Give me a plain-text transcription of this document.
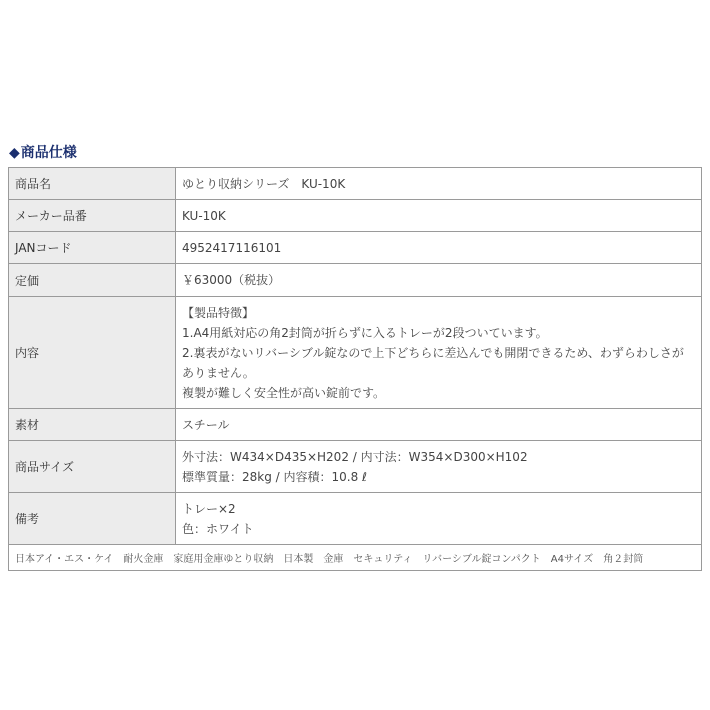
◆商品仕様
商品名	ゆとり収納シリーズ　KU-10K

メーカー品番	KU-10K

JANコード	4952417116101

定価	￥63000（税抜）

内容	【製品特徴】
1.A4用紙対応の角2封筒が折らずに入るトレーが2段ついています。
2.裏表がないリバーシブル錠なので上下どちらに差込んでも開閉できるため、わずらわしさがありません。
複製が難しく安全性が高い錠前です。

素材	スチール

商品サイズ	外寸法：W434×D435×H202 / 内寸法：W354×D300×H102
標準質量：28kg / 内容積：10.8 ℓ

備考	トレー×2
色：ホワイト

日本アイ・エス・ケイ　耐火金庫　家庭用金庫ゆとり収納　日本製　金庫　セキュリティ　リバーシブル錠コンパクト　A4サイズ　角２封筒	
